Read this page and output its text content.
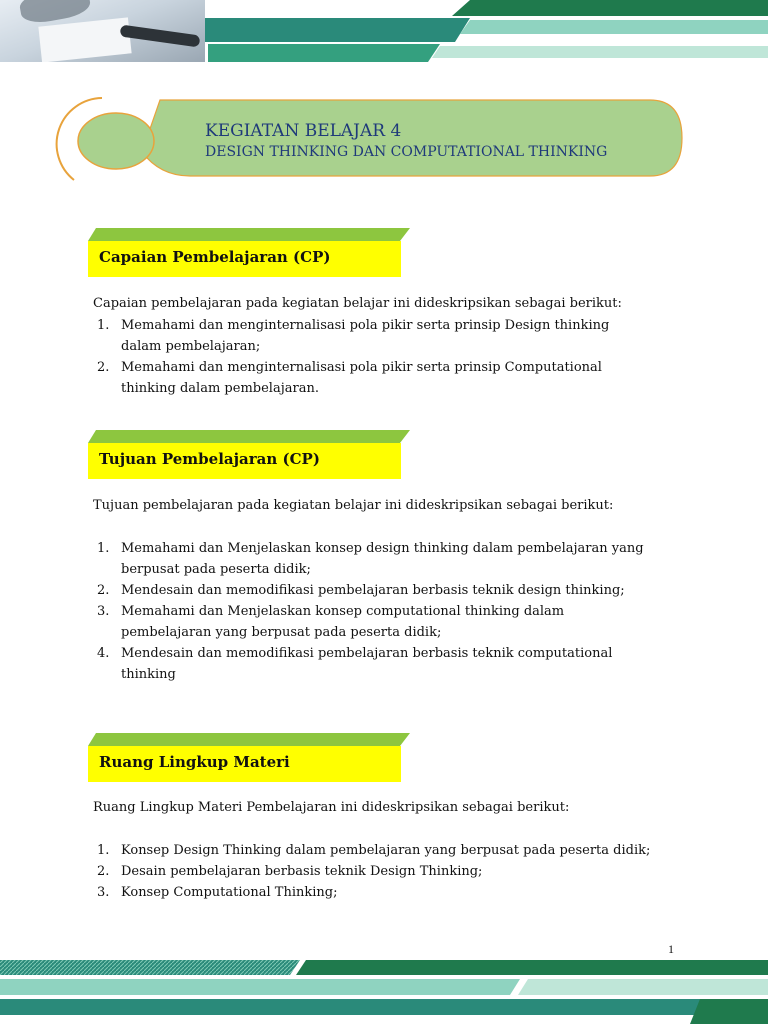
KEGIATAN BELAJAR 4
DESIGN THINKING DAN COMPUTATIONAL THINKING
Capaian Pembelajaran (CP)
Capaian pembelajaran pada kegiatan belajar ini dideskripsikan sebagai berikut:
1. Memahami dan menginternalisasi pola pikir serta prinsip Design thinking
dalam pembelajaran;
2. Memahami dan menginternalisasi pola pikir serta prinsip Computational
thinking dalam pembelajaran.
Tujuan Pembelajaran (CP)
Tujuan pembelajaran pada kegiatan belajar ini dideskripsikan sebagai berikut:
1. Memahami dan Menjelaskan konsep design thinking dalam pembelajaran yang
berpusat pada peserta didik;
2. Mendesain dan memodifikasi pembelajaran berbasis teknik design thinking;
3. Memahami dan Menjelaskan konsep computational thinking dalam
pembelajaran yang berpusat pada peserta didik;
4. Mendesain dan memodifikasi pembelajaran berbasis teknik computational
thinking
Ruang Lingkup Materi
Ruang Lingkup Materi Pembelajaran ini dideskripsikan sebagai berikut:
1. Konsep Design Thinking dalam pembelajaran yang berpusat pada peserta didik;
2. Desain pembelajaran berbasis teknik Design Thinking;
3. Konsep Computational Thinking;
1
